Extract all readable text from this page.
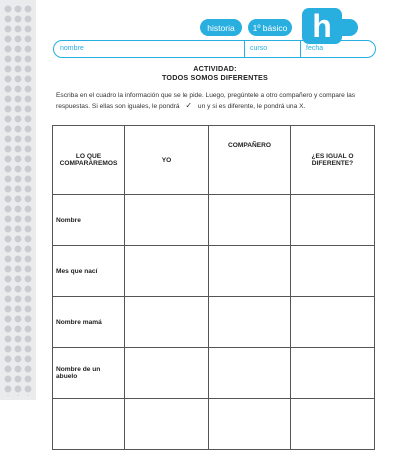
historia	1º básico h
nombre	curso	fecha
ACTIVIDAD:
TODOS SOMOS DIFERENTES
Escriba en el cuadro la información que se le pide. Luego, pregúntele a otro compañero y compare las respuestas. Si ellas son iguales, le pondrá ✓ un y si es diferente, le pondrá una X.
LO QUE COMPARAREMOS	YO	COMPAÑERO	¿ES IGUAL O DIFERENTE?
Nombre			
Mes que nací			
Nombre mamá			
Nombre de un abuelo			
